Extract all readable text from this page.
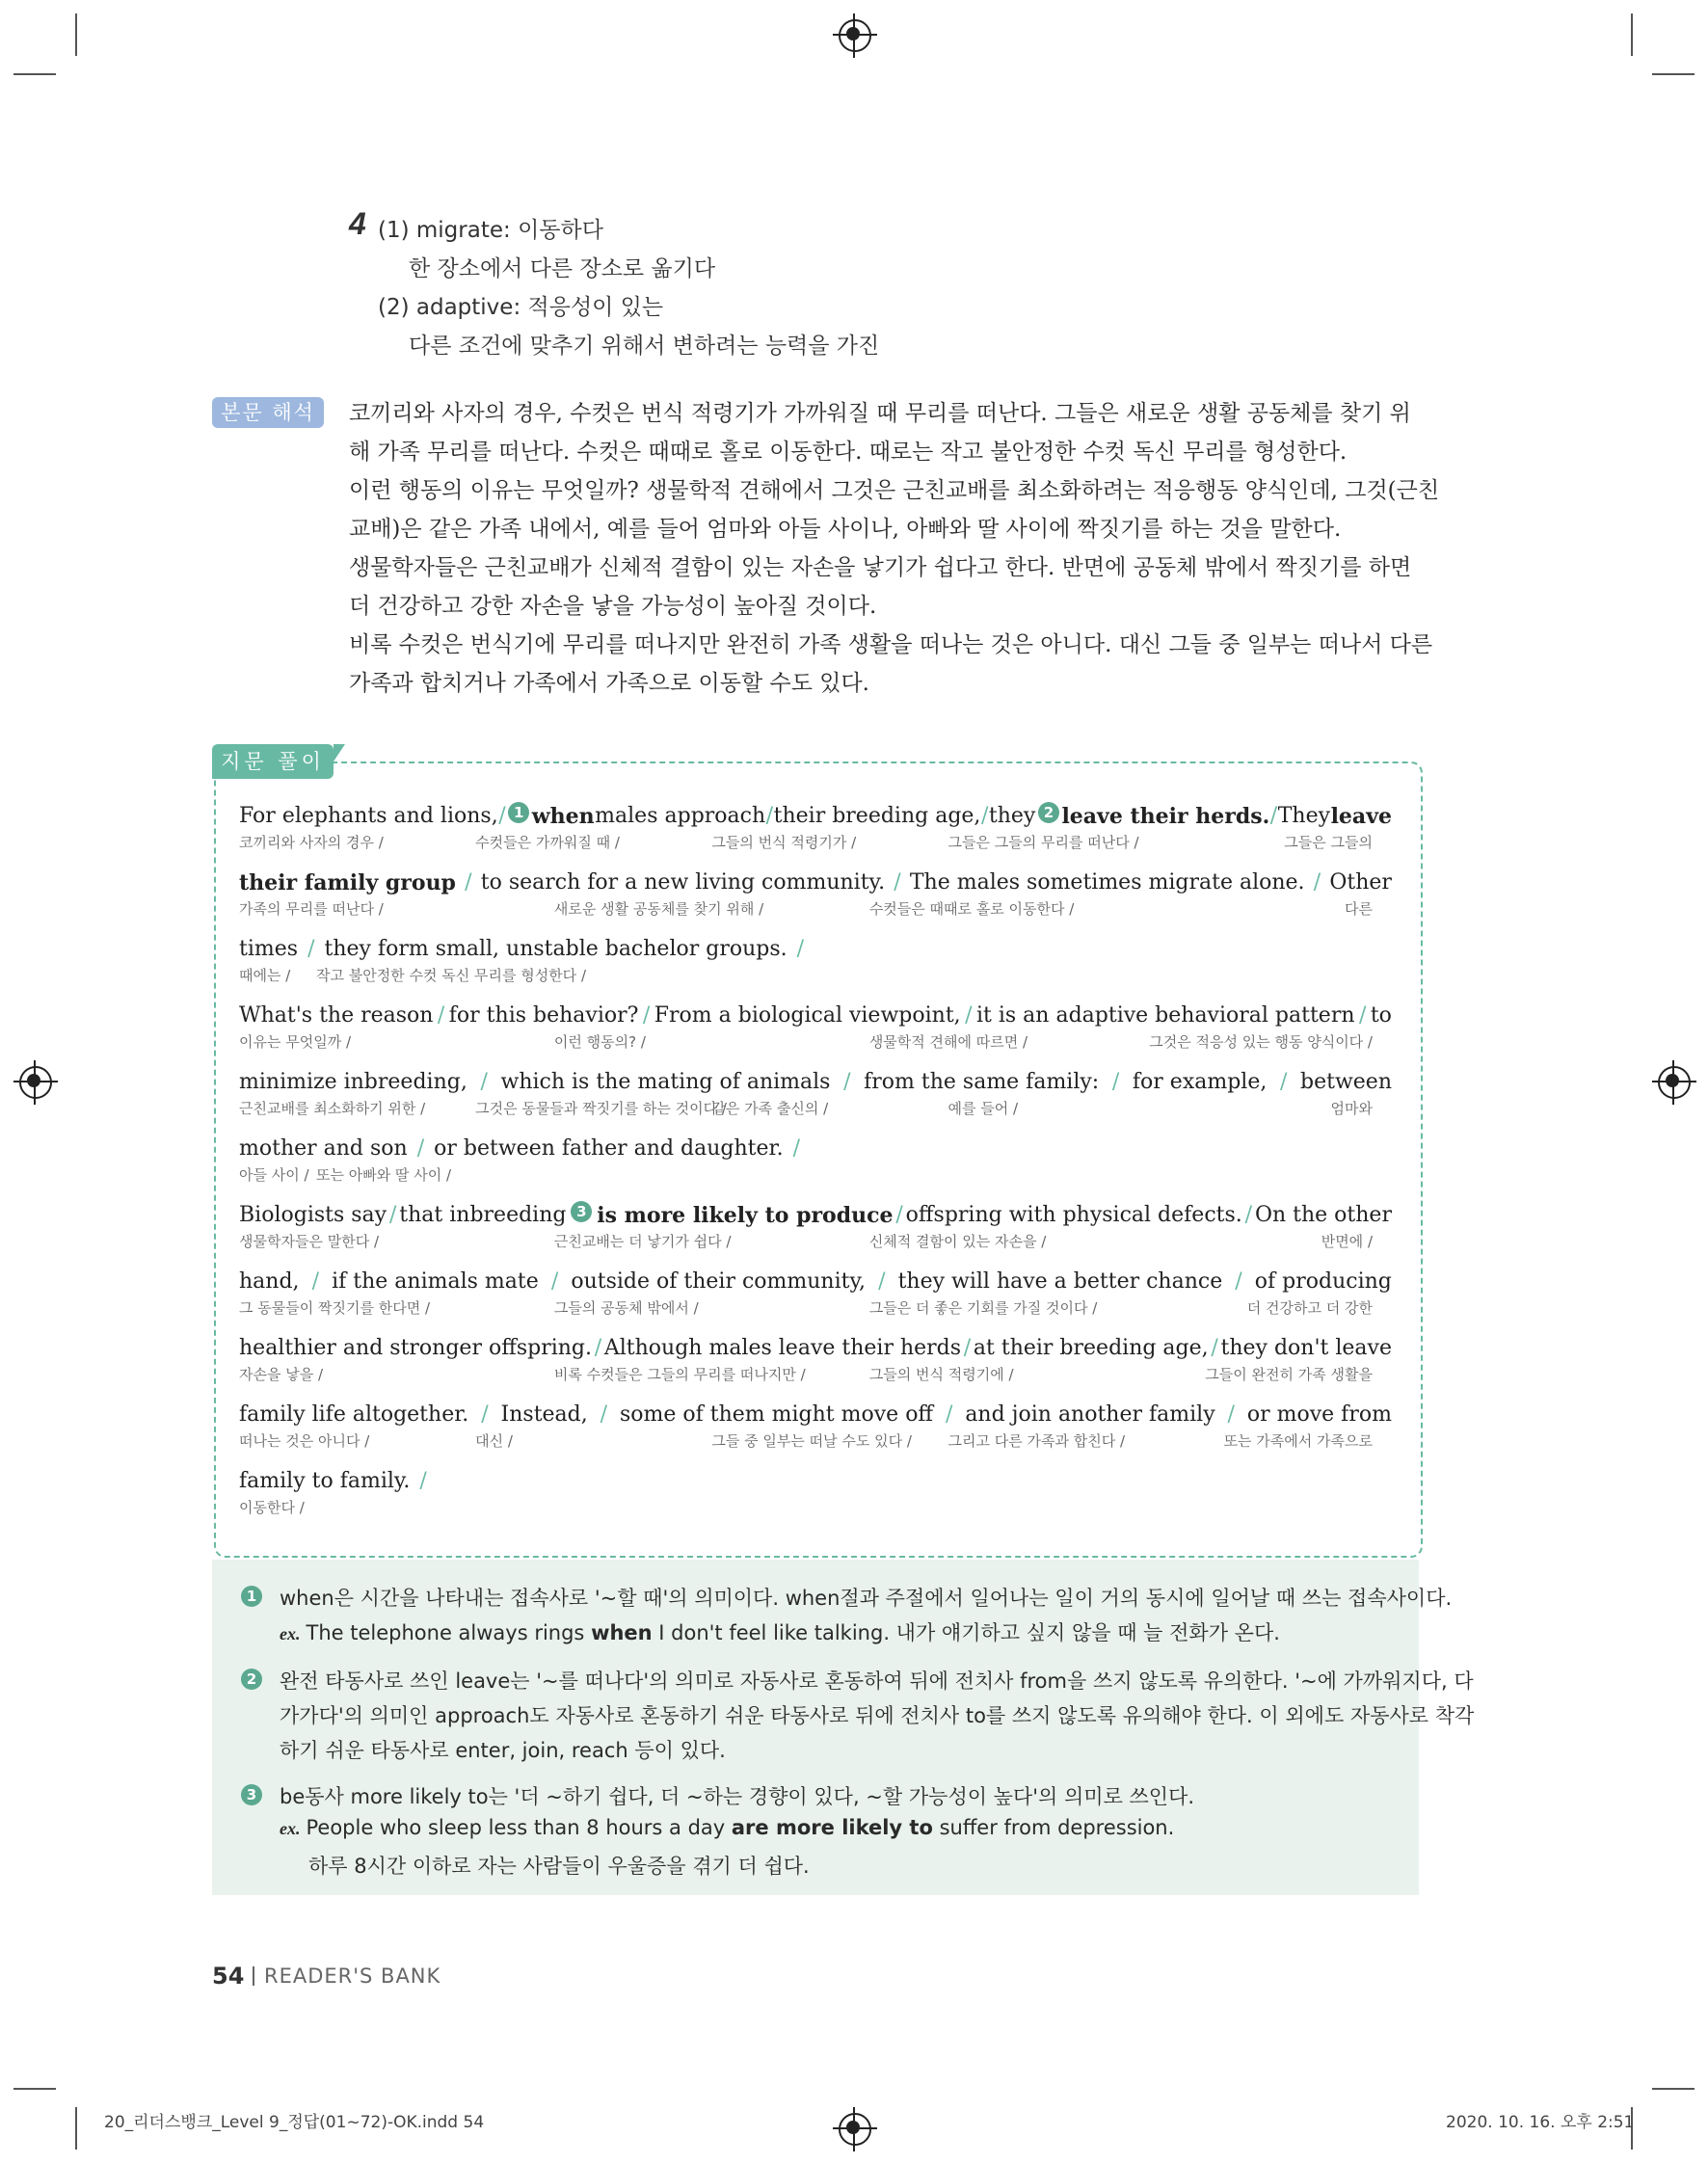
4 (1) migrate: 이동하다
한 장소에서 다른 장소로 옮기다
(2) adaptive: 적응성이 있는
다른 조건에 맞추기 위해서 변하려는 능력을 가진
본문 해석	코끼리와 사자의 경우, 수컷은 번식 적령기가 가까워질 때 무리를 떠난다. 그들은 새로운 생활 공동체를 찾기 위
해 가족 무리를 떠난다. 수컷은 때때로 홀로 이동한다. 때로는 작고 불안정한 수컷 독신 무리를 형성한다.
이런 행동의 이유는 무엇일까? 생물학적 견해에서 그것은 근친교배를 최소화하려는 적응행동 양식인데, 그것(근친
교배)은 같은 가족 내에서, 예를 들어 엄마와 아들 사이나, 아빠와 딸 사이에 짝짓기를 하는 것을 말한다.
생물학자들은 근친교배가 신체적 결함이 있는 자손을 낳기가 쉽다고 한다. 반면에 공동체 밖에서 짝짓기를 하면
더 건강하고 강한 자손을 낳을 가능성이 높아질 것이다.
비록 수컷은 번식기에 무리를 떠나지만 완전히 가족 생활을 떠나는 것은 아니다. 대신 그들 중 일부는 떠나서 다른
가족과 합치거나 가족에서 가족으로 이동할 수도 있다.
지문 풀이
For elephants and lions, / 1 when males approach / their breeding age, / they 2 leave their herds. / They leave
코끼리와 사자의 경우 /	수컷들은 가까워질 때 /	그들의 번식 적령기가 /	그들은 그들의 무리를 떠난다 /	그들은 그들의
their family group / to search for a new living community. / The males sometimes migrate alone. / Other
가족의 무리를 떠난다 /	새로운 생활 공동체를 찾기 위해 /	수컷들은 때때로 홀로 이동한다 /	다른
times / they form small, unstable bachelor groups. /
때에는 / 작고 불안정한 수컷 독신 무리를 형성한다 /
What's the reason / for this behavior? / From a biological viewpoint, / it is an adaptive behavioral pattern / to
이유는 무엇일까 /	이런 행동의? /	생물학적 견해에 따르면 /	그것은 적응성 있는 행동 양식이다 /
minimize inbreeding, / which is the mating of animals / from the same family: / for example, / between
근친교배를 최소화하기 위한 /	그것은 동물들과 짝짓기를 하는 것이다 /
같은 가족 출신의 /	예를 들어 /	엄마와
mother and son / or between father and daughter. /
아들 사이 / 또는 아빠와 딸 사이 /
Biologists say / that inbreeding 3 is more likely to produce / offspring with physical defects. / On the other
생물학자들은 말한다 /	근친교배는 더 낳기가 쉽다 /	신체적 결함이 있는 자손을 /	반면에 /
hand, / if the animals mate / outside of their community, / they will have a better chance / of producing
그 동물들이 짝짓기를 한다면 /	그들의 공동체 밖에서 /	그들은 더 좋은 기회를 가질 것이다 /	더 건강하고 더 강한
healthier and stronger offspring. / Although males leave their herds / at their breeding age, / they don't leave
자손을 낳을 /	비록 수컷들은 그들의 무리를 떠나지만 /	그들의 번식 적령기에 /	그들이 완전히 가족 생활을
family life altogether. / Instead, / some of them might move off / and join another family / or move from
떠나는 것은 아니다 /	대신 /	그들 중 일부는 떠날 수도 있다 /	그리고 다른 가족과 합친다 /	또는 가족에서 가족으로
family to family. /
이동한다 /
1 when은 시간을 나타내는 접속사로 '~할 때'의 의미이다. when절과 주절에서 일어나는 일이 거의 동시에 일어날 때 쓰는 접속사이다.
ex. The telephone always rings when I don't feel like talking. 내가 얘기하고 싶지 않을 때 늘 전화가 온다.
2 완전 타동사로 쓰인 leave는 '~를 떠나다'의 의미로 자동사로 혼동하여 뒤에 전치사 from을 쓰지 않도록 유의한다. '~에 가까워지다, 다
가가다'의 의미인 approach도 자동사로 혼동하기 쉬운 타동사로 뒤에 전치사 to를 쓰지 않도록 유의해야 한다. 이 외에도 자동사로 착각
하기 쉬운 타동사로 enter, join, reach 등이 있다.
3 be동사 more likely to는 '더 ~하기 쉽다, 더 ~하는 경향이 있다, ~할 가능성이 높다'의 의미로 쓰인다.
ex. People who sleep less than 8 hours a day are more likely to suffer from depression.
하루 8시간 이하로 자는 사람들이 우울증을 겪기 더 쉽다.
54 READER'S BANK
20_리더스뱅크_Level 9_정답(01~72)-OK.indd 54	2020. 10. 16. 오후 2:51
